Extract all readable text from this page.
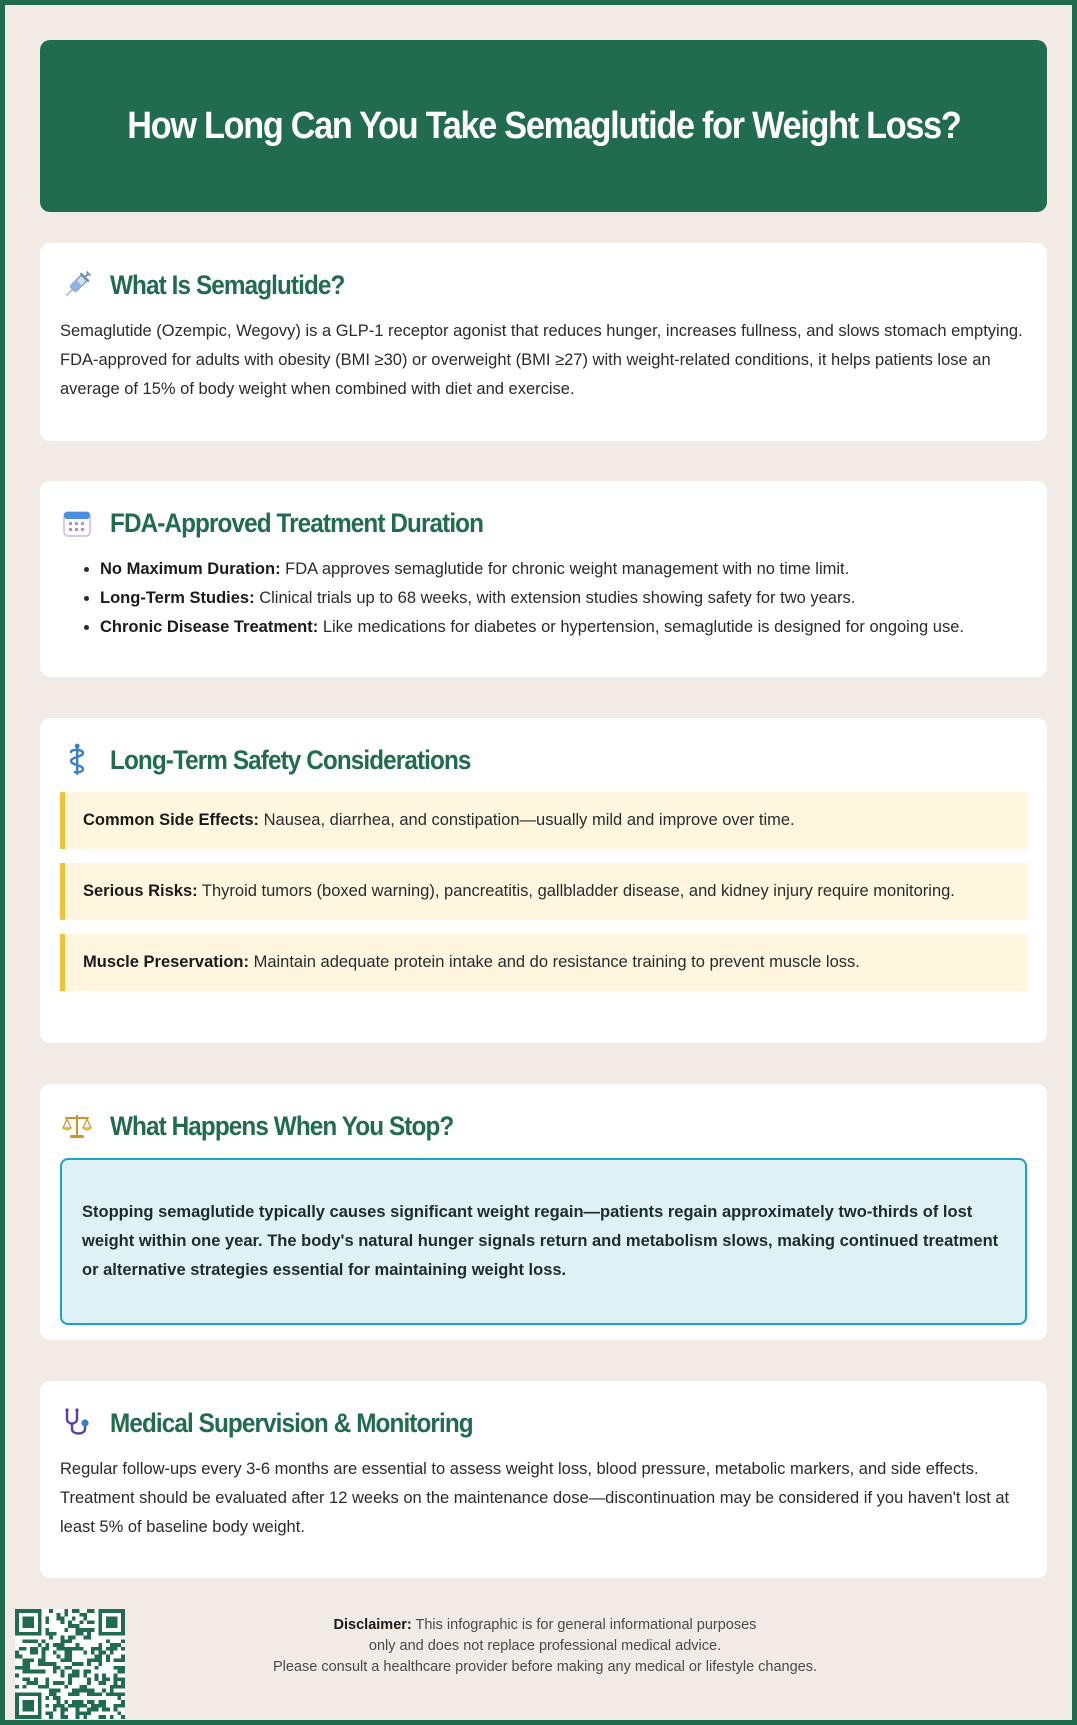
How Long Can You Take Semaglutide for Weight Loss?
What Is Semaglutide?

Semaglutide (Ozempic, Wegovy) is a GLP-1 receptor agonist that reduces hunger, increases fullness, and slows stomach emptying. FDA-approved for adults with obesity (BMI ≥30) or overweight (BMI ≥27) with weight-related conditions, it helps patients lose an average of 15% of body weight when combined with diet and exercise.

FDA-Approved Treatment Duration
• No Maximum Duration: FDA approves semaglutide for chronic weight management with no time limit.
• Long-Term Studies: Clinical trials up to 68 weeks, with extension studies showing safety for two years.
• Chronic Disease Treatment: Like medications for diabetes or hypertension, semaglutide is designed for ongoing use.
Long-Term Safety Considerations
Common Side Effects: Nausea, diarrhea, and constipation—usually mild and improve over time.
Serious Risks: Thyroid tumors (boxed warning), pancreatitis, gallbladder disease, and kidney injury require monitoring.
Muscle Preservation: Maintain adequate protein intake and do resistance training to prevent muscle loss.
What Happens When You Stop?
Stopping semaglutide typically causes significant weight regain—patients regain approximately two-thirds of lost weight within one year. The body's natural hunger signals return and metabolism slows, making continued treatment or alternative strategies essential for maintaining weight loss.
Medical Supervision & Monitoring

Regular follow-ups every 3-6 months are essential to assess weight loss, blood pressure, metabolic markers, and side effects. Treatment should be evaluated after 12 weeks on the maintenance dose—discontinuation may be considered if you haven't lost at least 5% of baseline body weight.

Disclaimer: This infographic is for general informational purposes
only and does not replace professional medical advice.
Please consult a healthcare provider before making any medical or lifestyle changes.
